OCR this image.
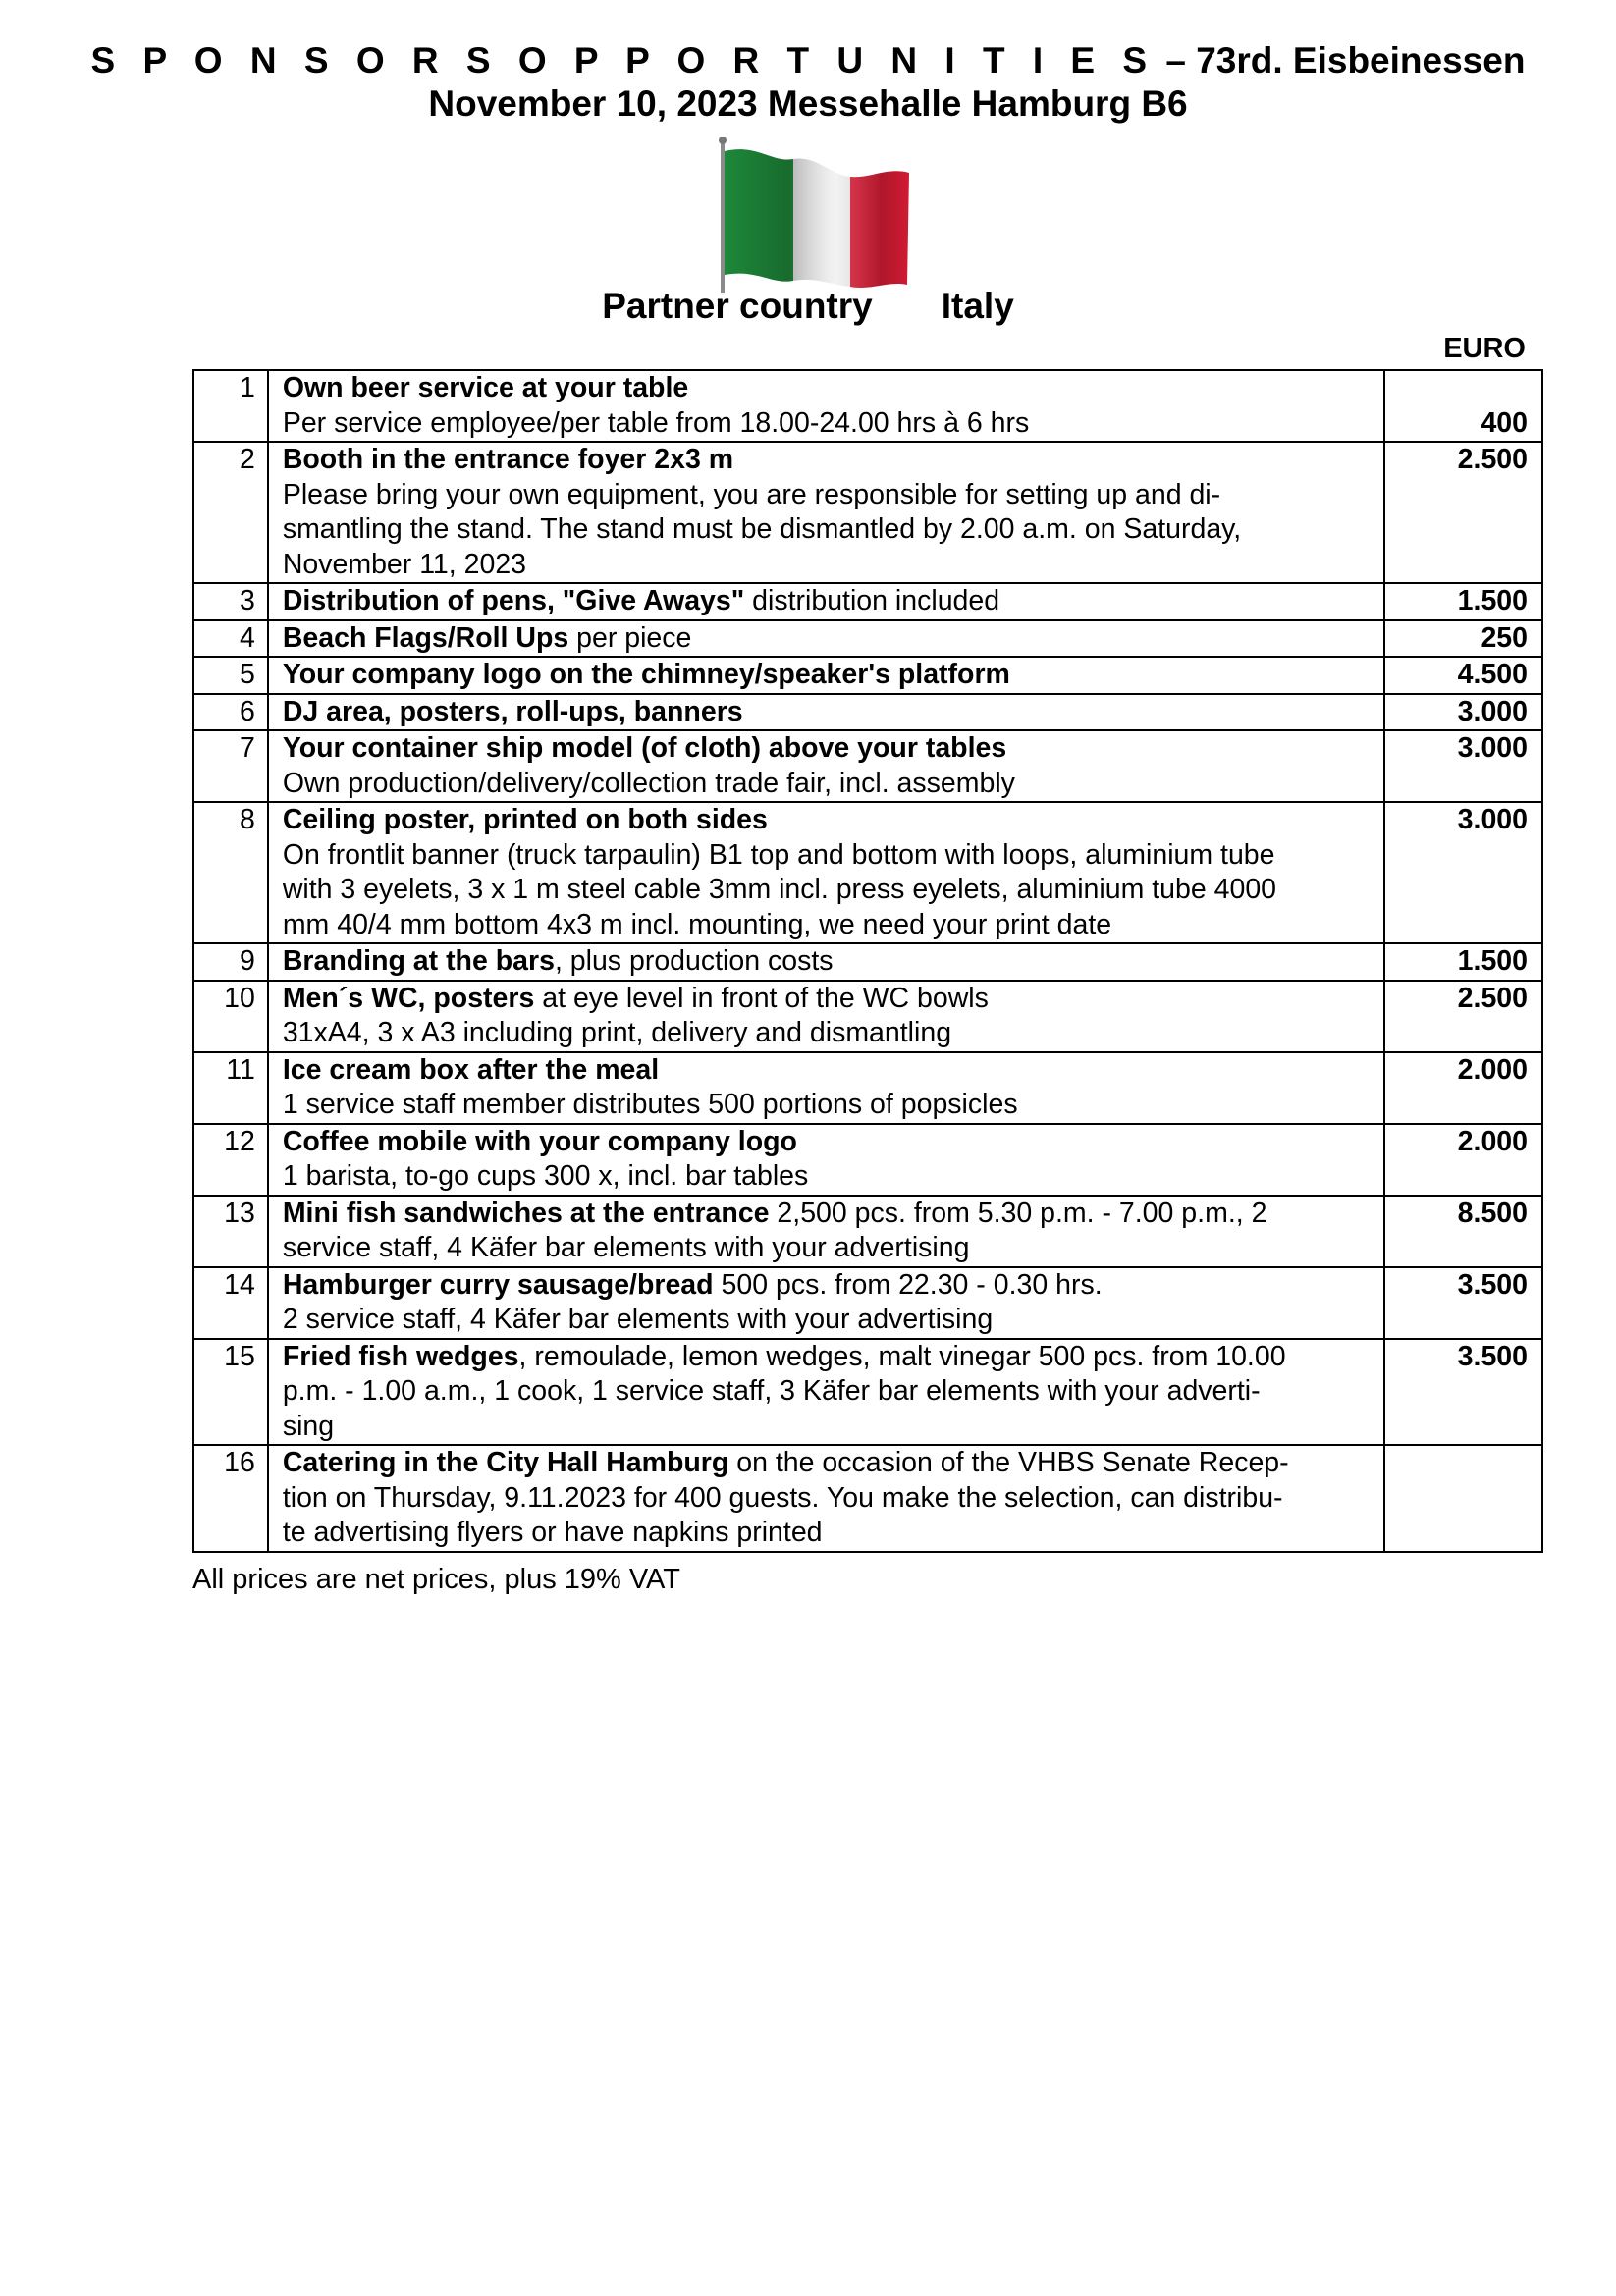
S P O N S O R S O P P O R T U N I T I E S – 73rd. Eisbeinessen
November 10, 2023 Messehalle Hamburg B6
Partner country Italy
EURO
1	Own beer service at your table
Per service employee/per table from 18.00-24.00 hrs à 6 hrs	400
2	Booth in the entrance foyer 2x3 m
Please bring your own equipment, you are responsible for setting up and di-
smantling the stand. The stand must be dismantled by 2.00 a.m. on Saturday,
November 11, 2023	2.500
3	Distribution of pens, "Give Aways" distribution included	1.500
4	Beach Flags/Roll Ups per piece	250
5	Your company logo on the chimney/speaker's platform	4.500
6	DJ area, posters, roll-ups, banners	3.000
7	Your container ship model (of cloth) above your tables
Own production/delivery/collection trade fair, incl. assembly	3.000
8	Ceiling poster, printed on both sides
On frontlit banner (truck tarpaulin) B1 top and bottom with loops, aluminium tube
with 3 eyelets, 3 x 1 m steel cable 3mm incl. press eyelets, aluminium tube 4000
mm 40/4 mm bottom 4x3 m incl. mounting, we need your print date	3.000
9	Branding at the bars, plus production costs	1.500
10	Men´s WC, posters at eye level in front of the WC bowls
31xA4, 3 x A3 including print, delivery and dismantling	2.500
11	Ice cream box after the meal
1 service staff member distributes 500 portions of popsicles	2.000
12	Coffee mobile with your company logo
1 barista, to-go cups 300 x, incl. bar tables	2.000
13	Mini fish sandwiches at the entrance 2,500 pcs. from 5.30 p.m. - 7.00 p.m., 2
service staff, 4 Käfer bar elements with your advertising	8.500
14	Hamburger curry sausage/bread 500 pcs. from 22.30 - 0.30 hrs.
2 service staff, 4 Käfer bar elements with your advertising	3.500
15	Fried fish wedges, remoulade, lemon wedges, malt vinegar 500 pcs. from 10.00
p.m. - 1.00 a.m., 1 cook, 1 service staff, 3 Käfer bar elements with your adverti-
sing	3.500
16	Catering in the City Hall Hamburg on the occasion of the VHBS Senate Recep-
tion on Thursday, 9.11.2023 for 400 guests. You make the selection, can distribu-
te advertising flyers or have napkins printed	

All prices are net prices, plus 19% VAT
